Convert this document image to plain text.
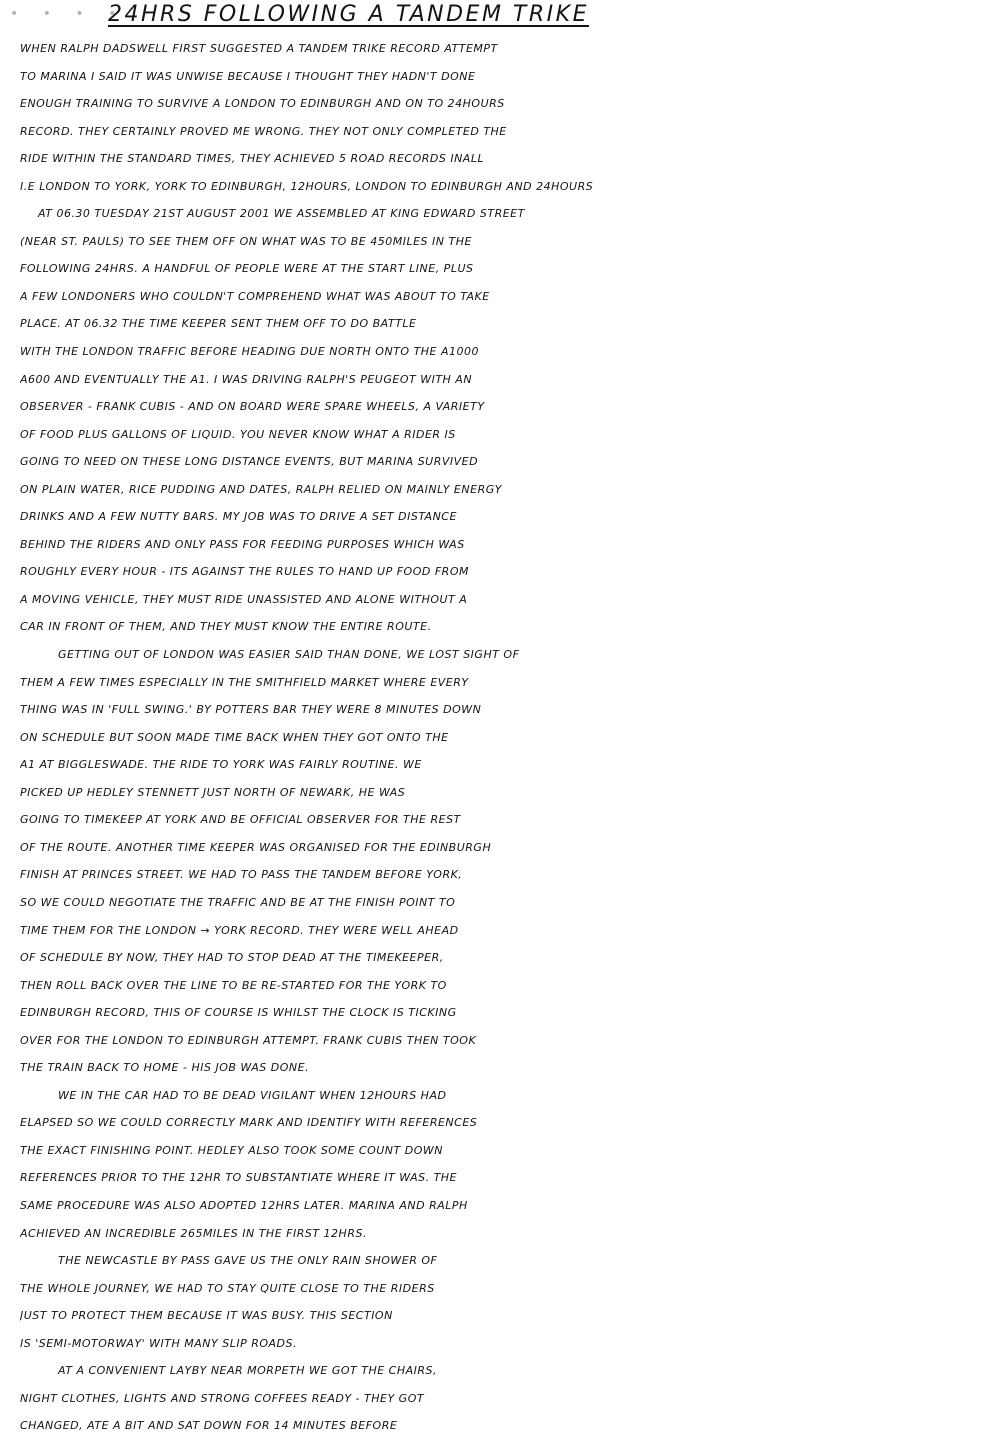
• • • •
24HRS FOLLOWING A TANDEM TRIKE
WHEN RALPH DADSWELL FIRST SUGGESTED A TANDEM TRIKE RECORD ATTEMPT
TO MARINA I SAID IT WAS UNWISE BECAUSE I THOUGHT THEY HADN'T DONE
ENOUGH TRAINING TO SURVIVE A LONDON TO EDINBURGH AND ON TO 24HOURS
RECORD. THEY CERTAINLY PROVED ME WRONG. THEY NOT ONLY COMPLETED THE
RIDE WITHIN THE STANDARD TIMES, THEY ACHIEVED 5 ROAD RECORDS INALL
I.E LONDON TO YORK, YORK TO EDINBURGH, 12HOURS, LONDON TO EDINBURGH AND 24HOURS
AT 06.30 TUESDAY 21ST AUGUST 2001 WE ASSEMBLED AT KING EDWARD STREET
(NEAR ST. PAULS) TO SEE THEM OFF ON WHAT WAS TO BE 450MILES IN THE
FOLLOWING 24HRS. A HANDFUL OF PEOPLE WERE AT THE START LINE, PLUS
A FEW LONDONERS WHO COULDN'T COMPREHEND WHAT WAS ABOUT TO TAKE
PLACE. AT 06.32 THE TIME KEEPER SENT THEM OFF TO DO BATTLE
WITH THE LONDON TRAFFIC BEFORE HEADING DUE NORTH ONTO THE A1000
A600 AND EVENTUALLY THE A1. I WAS DRIVING RALPH'S PEUGEOT WITH AN
OBSERVER - FRANK CUBIS - AND ON BOARD WERE SPARE WHEELS, A VARIETY
OF FOOD PLUS GALLONS OF LIQUID. YOU NEVER KNOW WHAT A RIDER IS
GOING TO NEED ON THESE LONG DISTANCE EVENTS, BUT MARINA SURVIVED
ON PLAIN WATER, RICE PUDDING AND DATES, RALPH RELIED ON MAINLY ENERGY
DRINKS AND A FEW NUTTY BARS. MY JOB WAS TO DRIVE A SET DISTANCE
BEHIND THE RIDERS AND ONLY PASS FOR FEEDING PURPOSES WHICH WAS
ROUGHLY EVERY HOUR - ITS AGAINST THE RULES TO HAND UP FOOD FROM
A MOVING VEHICLE, THEY MUST RIDE UNASSISTED AND ALONE WITHOUT A
CAR IN FRONT OF THEM, AND THEY MUST KNOW THE ENTIRE ROUTE.
GETTING OUT OF LONDON WAS EASIER SAID THAN DONE, WE LOST SIGHT OF
THEM A FEW TIMES ESPECIALLY IN THE SMITHFIELD MARKET WHERE EVERY
THING WAS IN 'FULL SWING.' BY POTTERS BAR THEY WERE 8 MINUTES DOWN
ON SCHEDULE BUT SOON MADE TIME BACK WHEN THEY GOT ONTO THE
A1 AT BIGGLESWADE. THE RIDE TO YORK WAS FAIRLY ROUTINE. WE
PICKED UP HEDLEY STENNETT JUST NORTH OF NEWARK, HE WAS
GOING TO TIMEKEEP AT YORK AND BE OFFICIAL OBSERVER FOR THE REST
OF THE ROUTE. ANOTHER TIME KEEPER WAS ORGANISED FOR THE EDINBURGH
FINISH AT PRINCES STREET. WE HAD TO PASS THE TANDEM BEFORE YORK,
SO WE COULD NEGOTIATE THE TRAFFIC AND BE AT THE FINISH POINT TO
TIME THEM FOR THE LONDON → YORK RECORD. THEY WERE WELL AHEAD
OF SCHEDULE BY NOW, THEY HAD TO STOP DEAD AT THE TIMEKEEPER,
THEN ROLL BACK OVER THE LINE TO BE RE-STARTED FOR THE YORK TO
EDINBURGH RECORD, THIS OF COURSE IS WHILST THE CLOCK IS TICKING
OVER FOR THE LONDON TO EDINBURGH ATTEMPT. FRANK CUBIS THEN TOOK
THE TRAIN BACK TO HOME - HIS JOB WAS DONE.
WE IN THE CAR HAD TO BE DEAD VIGILANT WHEN 12HOURS HAD
ELAPSED SO WE COULD CORRECTLY MARK AND IDENTIFY WITH REFERENCES
THE EXACT FINISHING POINT. HEDLEY ALSO TOOK SOME COUNT DOWN
REFERENCES PRIOR TO THE 12HR TO SUBSTANTIATE WHERE IT WAS. THE
SAME PROCEDURE WAS ALSO ADOPTED 12HRS LATER. MARINA AND RALPH
ACHIEVED AN INCREDIBLE 265MILES IN THE FIRST 12HRS.
THE NEWCASTLE BY PASS GAVE US THE ONLY RAIN SHOWER OF
THE WHOLE JOURNEY, WE HAD TO STAY QUITE CLOSE TO THE RIDERS
JUST TO PROTECT THEM BECAUSE IT WAS BUSY. THIS SECTION
IS 'SEMI-MOTORWAY' WITH MANY SLIP ROADS.
AT A CONVENIENT LAYBY NEAR MORPETH WE GOT THE CHAIRS,
NIGHT CLOTHES, LIGHTS AND STRONG COFFEES READY - THEY GOT
CHANGED, ATE A BIT AND SAT DOWN FOR 14 MINUTES BEFORE
